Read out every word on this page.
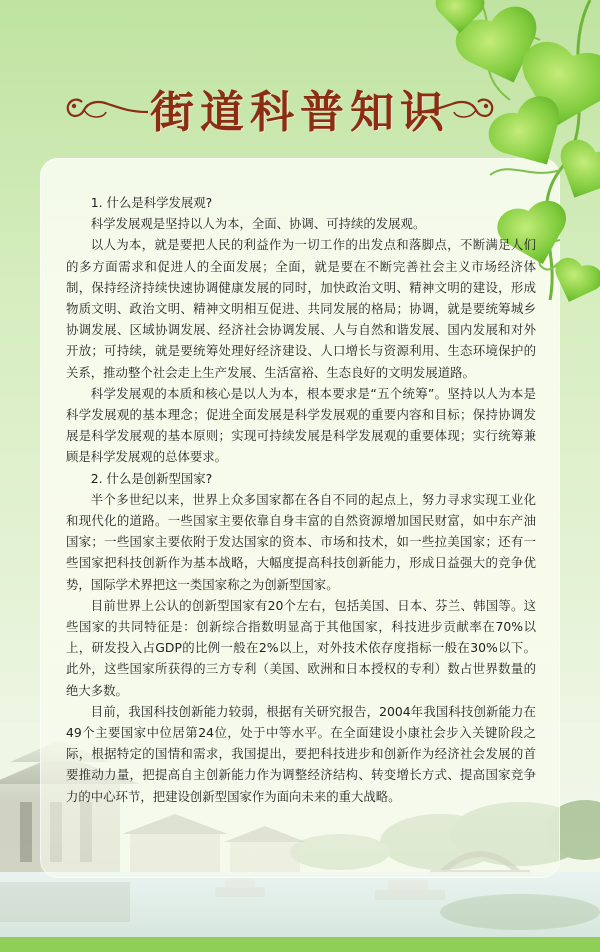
街道科普知识

1. 什么是科学发展观?

科学发展观是坚持以人为本，全面、协调、可持续的发展观。

以人为本，就是要把人民的利益作为一切工作的出发点和落脚点，不断满足人们的多方面需求和促进人的全面发展；全面，就是要在不断完善社会主义市场经济体制，保持经济持续快速协调健康发展的同时，加快政治文明、精神文明的建设，形成物质文明、政治文明、精神文明相互促进、共同发展的格局；协调，就是要统筹城乡协调发展、区域协调发展、经济社会协调发展、人与自然和谐发展、国内发展和对外开放；可持续，就是要统筹处理好经济建设、人口增长与资源利用、生态环境保护的关系，推动整个社会走上生产发展、生活富裕、生态良好的文明发展道路。

科学发展观的本质和核心是以人为本，根本要求是“五个统筹”。坚持以人为本是科学发展观的基本理念；促进全面发展是科学发展观的重要内容和目标；保持协调发展是科学发展观的基本原则；实现可持续发展是科学发展观的重要体现；实行统筹兼顾是科学发展观的总体要求。

2. 什么是创新型国家?

半个多世纪以来，世界上众多国家都在各自不同的起点上，努力寻求实现工业化和现代化的道路。一些国家主要依靠自身丰富的自然资源增加国民财富，如中东产油国家；一些国家主要依附于发达国家的资本、市场和技术，如一些拉美国家；还有一些国家把科技创新作为基本战略，大幅度提高科技创新能力，形成日益强大的竞争优势，国际学术界把这一类国家称之为创新型国家。

目前世界上公认的创新型国家有20个左右，包括美国、日本、芬兰、韩国等。这些国家的共同特征是：创新综合指数明显高于其他国家，科技进步贡献率在70%以上，研发投入占GDP的比例一般在2%以上，对外技术依存度指标一般在30%以下。此外，这些国家所获得的三方专利（美国、欧洲和日本授权的专利）数占世界数量的绝大多数。

目前，我国科技创新能力较弱，根据有关研究报告，2004年我国科技创新能力在49个主要国家中位居第24位，处于中等水平。在全面建设小康社会步入关键阶段之际，根据特定的国情和需求，我国提出，要把科技进步和创新作为经济社会发展的首要推动力量，把提高自主创新能力作为调整经济结构、转变增长方式、提高国家竞争力的中心环节，把建设创新型国家作为面向未来的重大战略。
